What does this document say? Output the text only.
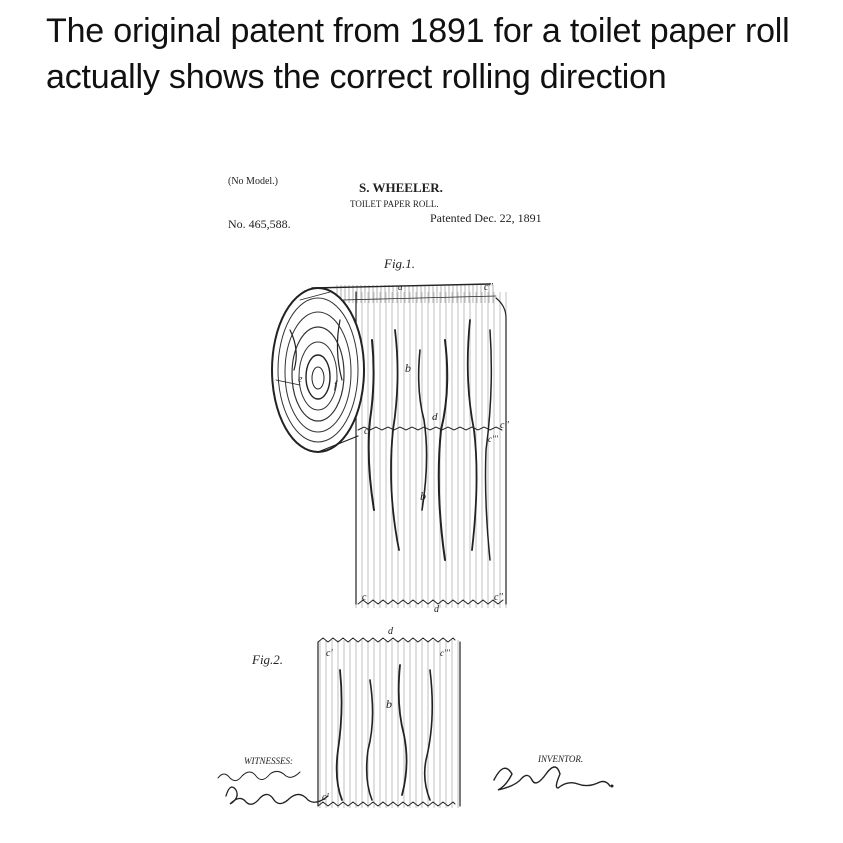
The original patent from 1891 for a toilet paper roll actually shows the correct rolling direction
(No Model.)	S. WHEELER.
TOILET PAPER ROLL.
No. 465,588.	Patented Dec. 22, 1891
Fig.1.
b
d
b
c''
c''
c'''
c
c
d
c''
f
e
a
Fig.2.	c'
d
c'''
b
c'
WITNESSES:	INVENTOR.
